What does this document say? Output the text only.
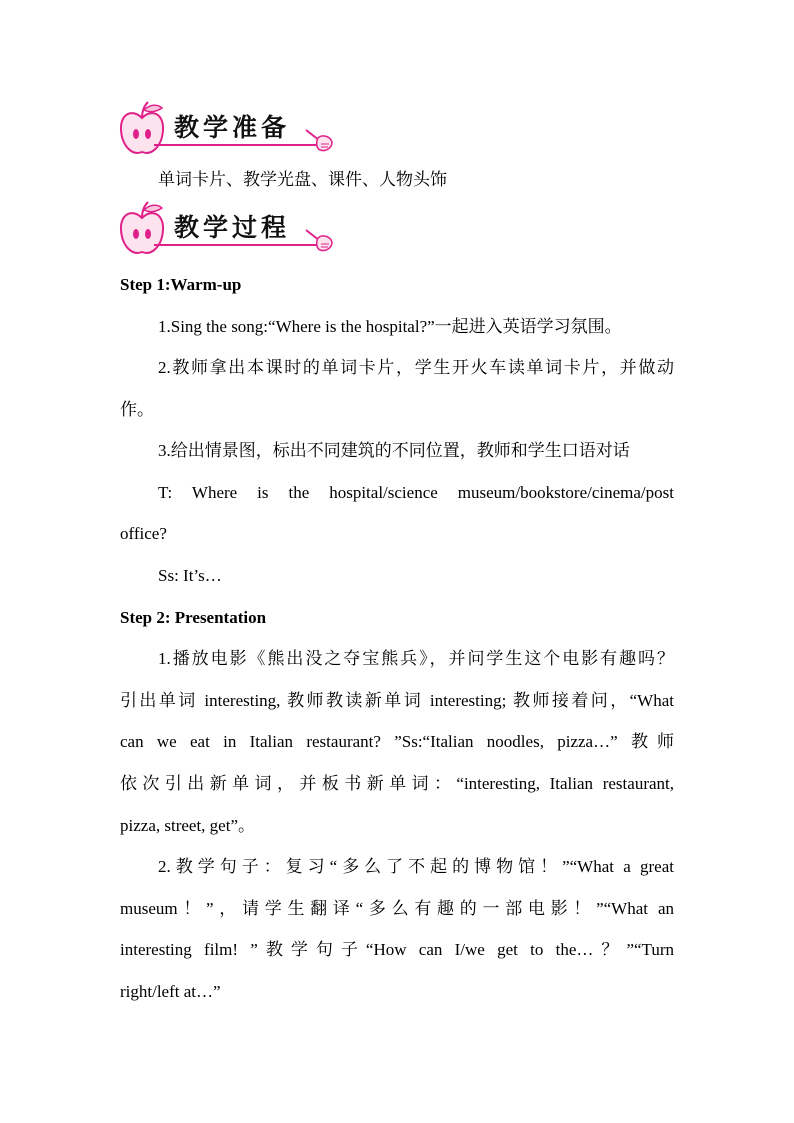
教学准备
单词卡片、教学光盘、课件、人物头饰
教学过程
Step 1:Warm-up
1.Sing the song:“Where is the hospital?”一起进入英语学习氛围。
2.教师拿出本课时的单词卡片，学生开火车读单词卡片，并做动
作。
3.给出情景图，标出不同建筑的不同位置，教师和学生口语对话
T: Where is the hospital/science museum/bookstore/cinema/post
office?
Ss: It’s…
Step 2: Presentation
1.播放电影《熊出没之夺宝熊兵》，并问学生这个电影有趣吗？
引出单词 interesting, 教师教读新单词 interesting; 教师接着问，“What
can we eat in Italian restaurant? ”Ss:“Italian noodles, pizza…” 教师
依次引出新单词，并板书新单词：“interesting, Italian restaurant,
pizza, street, get”。
2.教学句子：复习“多么了不起的博物馆！”“What a great
museum！”，请学生翻译“多么有趣的一部电影！”“What an
interesting film! ”教学句子“How can I/we get to the…？”“Turn
right/left at…”
